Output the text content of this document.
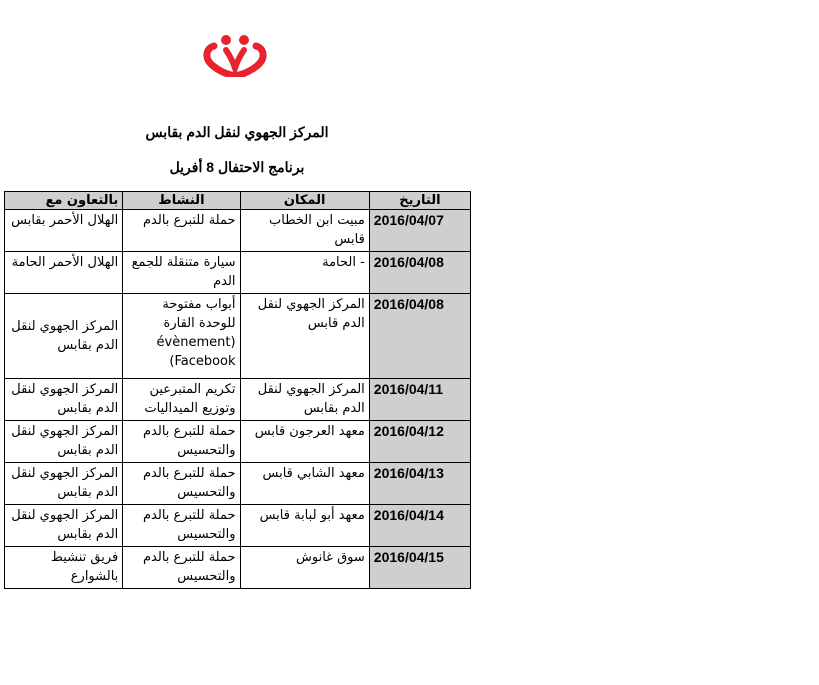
المركز الجهوي لنقل الدم بقابس
برنامج الاحتفال 8 أفريل
التاريخ	المكان	النشاط	بالتعاون مع
2016/04/07	مبيت ابن الخطاب قابس	حملة للتبرع بالدم	الهلال الأحمر بقابس
2016/04/08	- الحامة	سيارة متنقلة للجمع الدم	الهلال الأحمر الحامة
2016/04/08	المركز الجهوي لنقل الدم قابس	أبواب مفتوحة للوحدة القارة (évènement Facebook)	المركز الجهوي لنقل الدم بقابس
2016/04/11	المركز الجهوي لنقل الدم بقابس	تكريم المتبرعين وتوزيع الميداليات	المركز الجهوي لنقل الدم بقابس
2016/04/12	معهد العرجون قابس	حملة للتبرع بالدم والتحسيس	المركز الجهوي لنقل الدم بقابس
2016/04/13	معهد الشابي قابس	حملة للتبرع بالدم والتحسيس	المركز الجهوي لنقل الدم بقابس
2016/04/14	معهد أبو لبابة قابس	حملة للتبرع بالدم والتحسيس	المركز الجهوي لنقل الدم بقابس
2016/04/15	سوق غانوش	حملة للتبرع بالدم والتحسيس	فريق تنشيط بالشوارع
